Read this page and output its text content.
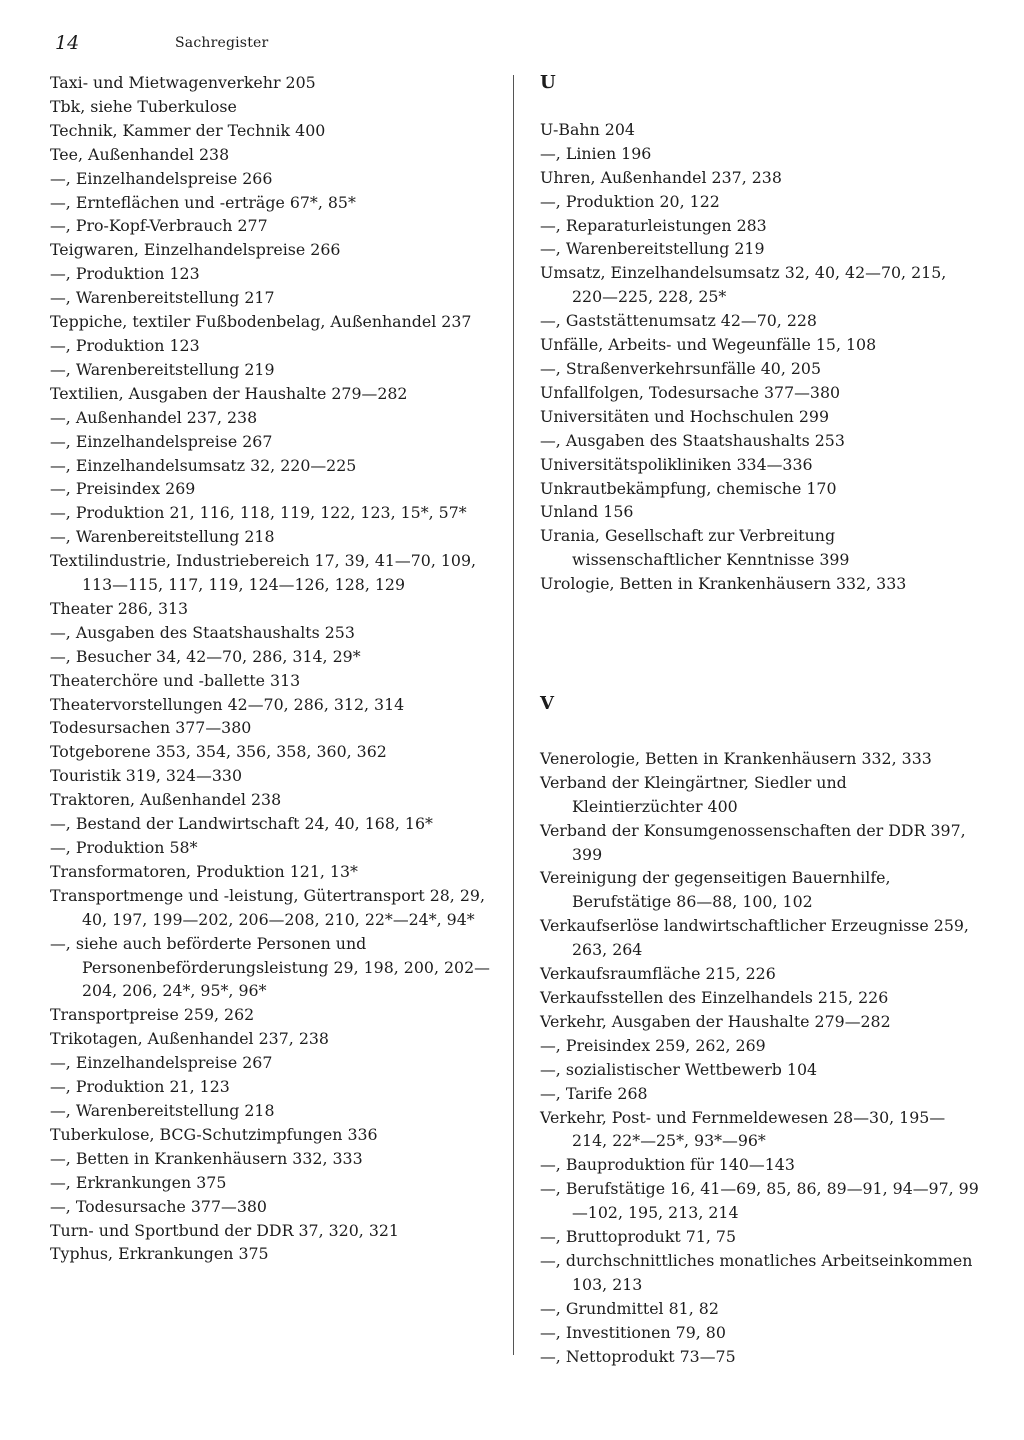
14	Sachregister
Taxi- und Mietwagenverkehr 205
Tbk, siehe Tuberkulose
Technik, Kammer der Technik 400
Tee, Außenhandel 238
—, Einzelhandelspreise 266
—, Ernteflächen und -erträge 67*, 85*
—, Pro-Kopf-Verbrauch 277
Teigwaren, Einzelhandelspreise 266
—, Produktion 123
—, Warenbereitstellung 217
Teppiche, textiler Fußbodenbelag, Außenhandel 237
—, Produktion 123
—, Warenbereitstellung 219
Textilien, Ausgaben der Haushalte 279—282
—, Außenhandel 237, 238
—, Einzelhandelspreise 267
—, Einzelhandelsumsatz 32, 220—225
—, Preisindex 269
—, Produktion 21, 116, 118, 119, 122, 123, 15*, 57*
—, Warenbereitstellung 218
Textilindustrie, Industriebereich 17, 39, 41—70, 109, 113—115, 117, 119, 124—126, 128, 129
Theater 286, 313
—, Ausgaben des Staatshaushalts 253
—, Besucher 34, 42—70, 286, 314, 29*
Theaterchöre und -ballette 313
Theatervorstellungen 42—70, 286, 312, 314
Todesursachen 377—380
Totgeborene 353, 354, 356, 358, 360, 362
Touristik 319, 324—330
Traktoren, Außenhandel 238
—, Bestand der Landwirtschaft 24, 40, 168, 16*
—, Produktion 58*
Transformatoren, Produktion 121, 13*
Transportmenge und -leistung, Gütertransport 28, 29, 40, 197, 199—202, 206—208, 210, 22*—24*, 94*
—, siehe auch beförderte Personen und Personenbeförderungsleistung 29, 198, 200, 202—204, 206, 24*, 95*, 96*
Transportpreise 259, 262
Trikotagen, Außenhandel 237, 238
—, Einzelhandelspreise 267
—, Produktion 21, 123
—, Warenbereitstellung 218
Tuberkulose, BCG-Schutzimpfungen 336
—, Betten in Krankenhäusern 332, 333
—, Erkrankungen 375
—, Todesursache 377—380
Turn- und Sportbund der DDR 37, 320, 321
Typhus, Erkrankungen 375
U
U-Bahn 204
—, Linien 196
Uhren, Außenhandel 237, 238
—, Produktion 20, 122
—, Reparaturleistungen 283
—, Warenbereitstellung 219
Umsatz, Einzelhandelsumsatz 32, 40, 42—70, 215, 220—225, 228, 25*
—, Gaststättenumsatz 42—70, 228
Unfälle, Arbeits- und Wegeunfälle 15, 108
—, Straßenverkehrsunfälle 40, 205
Unfallfolgen, Todesursache 377—380
Universitäten und Hochschulen 299
—, Ausgaben des Staatshaushalts 253
Universitätspolikliniken 334—336
Unkrautbekämpfung, chemische 170
Unland 156
Urania, Gesellschaft zur Verbreitung wissenschaftlicher Kenntnisse 399
Urologie, Betten in Krankenhäusern 332, 333
V
Venerologie, Betten in Krankenhäusern 332, 333
Verband der Kleingärtner, Siedler und Kleintierzüchter 400
Verband der Konsumgenossenschaften der DDR 397, 399
Vereinigung der gegenseitigen Bauernhilfe, Berufstätige 86—88, 100, 102
Verkaufserlöse landwirtschaftlicher Erzeugnisse 259, 263, 264
Verkaufsraumfläche 215, 226
Verkaufsstellen des Einzelhandels 215, 226
Verkehr, Ausgaben der Haushalte 279—282
—, Preisindex 259, 262, 269
—, sozialistischer Wettbewerb 104
—, Tarife 268
Verkehr, Post- und Fernmeldewesen 28—30, 195—214, 22*—25*, 93*—96*
—, Bauproduktion für 140—143
—, Berufstätige 16, 41—69, 85, 86, 89—91, 94—97, 99—102, 195, 213, 214
—, Bruttoprodukt 71, 75
—, durchschnittliches monatliches Arbeitseinkommen 103, 213
—, Grundmittel 81, 82
—, Investitionen 79, 80
—, Nettoprodukt 73—75
